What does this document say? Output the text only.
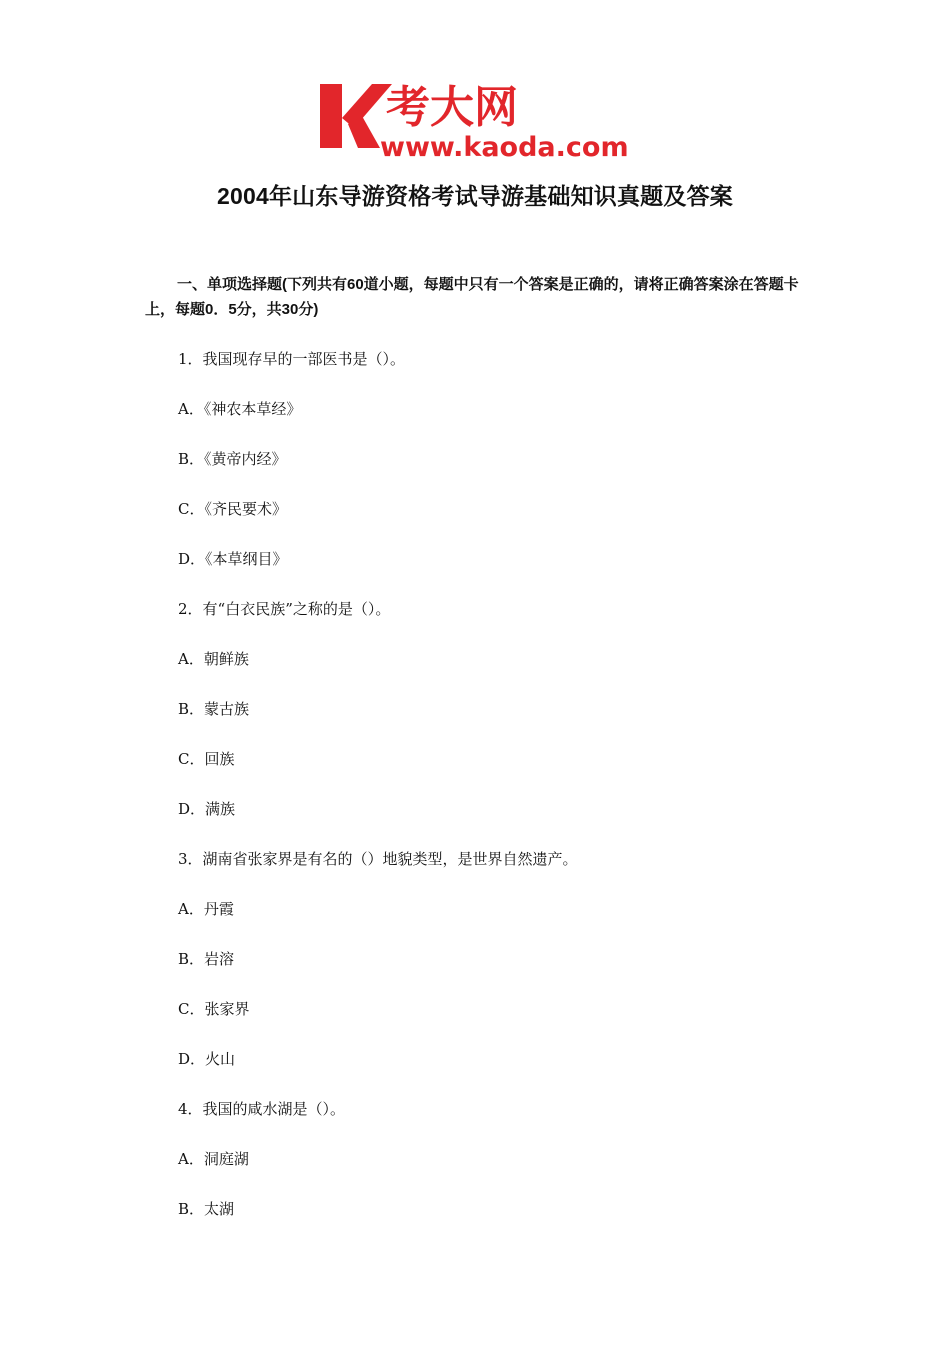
考大网
www.kaoda.com
2004年山东导游资格考试导游基础知识真题及答案
一、单项选择题(下列共有60道小题，每题中只有一个答案是正确的，请将正确答案涂在答题卡上，每题0．5分，共30分)
1．我国现存早的一部医书是（）。
A．《神农本草经》
B．《黄帝内经》
C．《齐民要术》
D．《本草纲目》
2．有“白衣民族”之称的是（）。
A．朝鲜族
B．蒙古族
C．回族
D．满族
3．湖南省张家界是有名的（）地貌类型，是世界自然遗产。
A．丹霞
B．岩溶
C．张家界
D．火山
4．我国的咸水湖是（）。
A．洞庭湖
B．太湖
